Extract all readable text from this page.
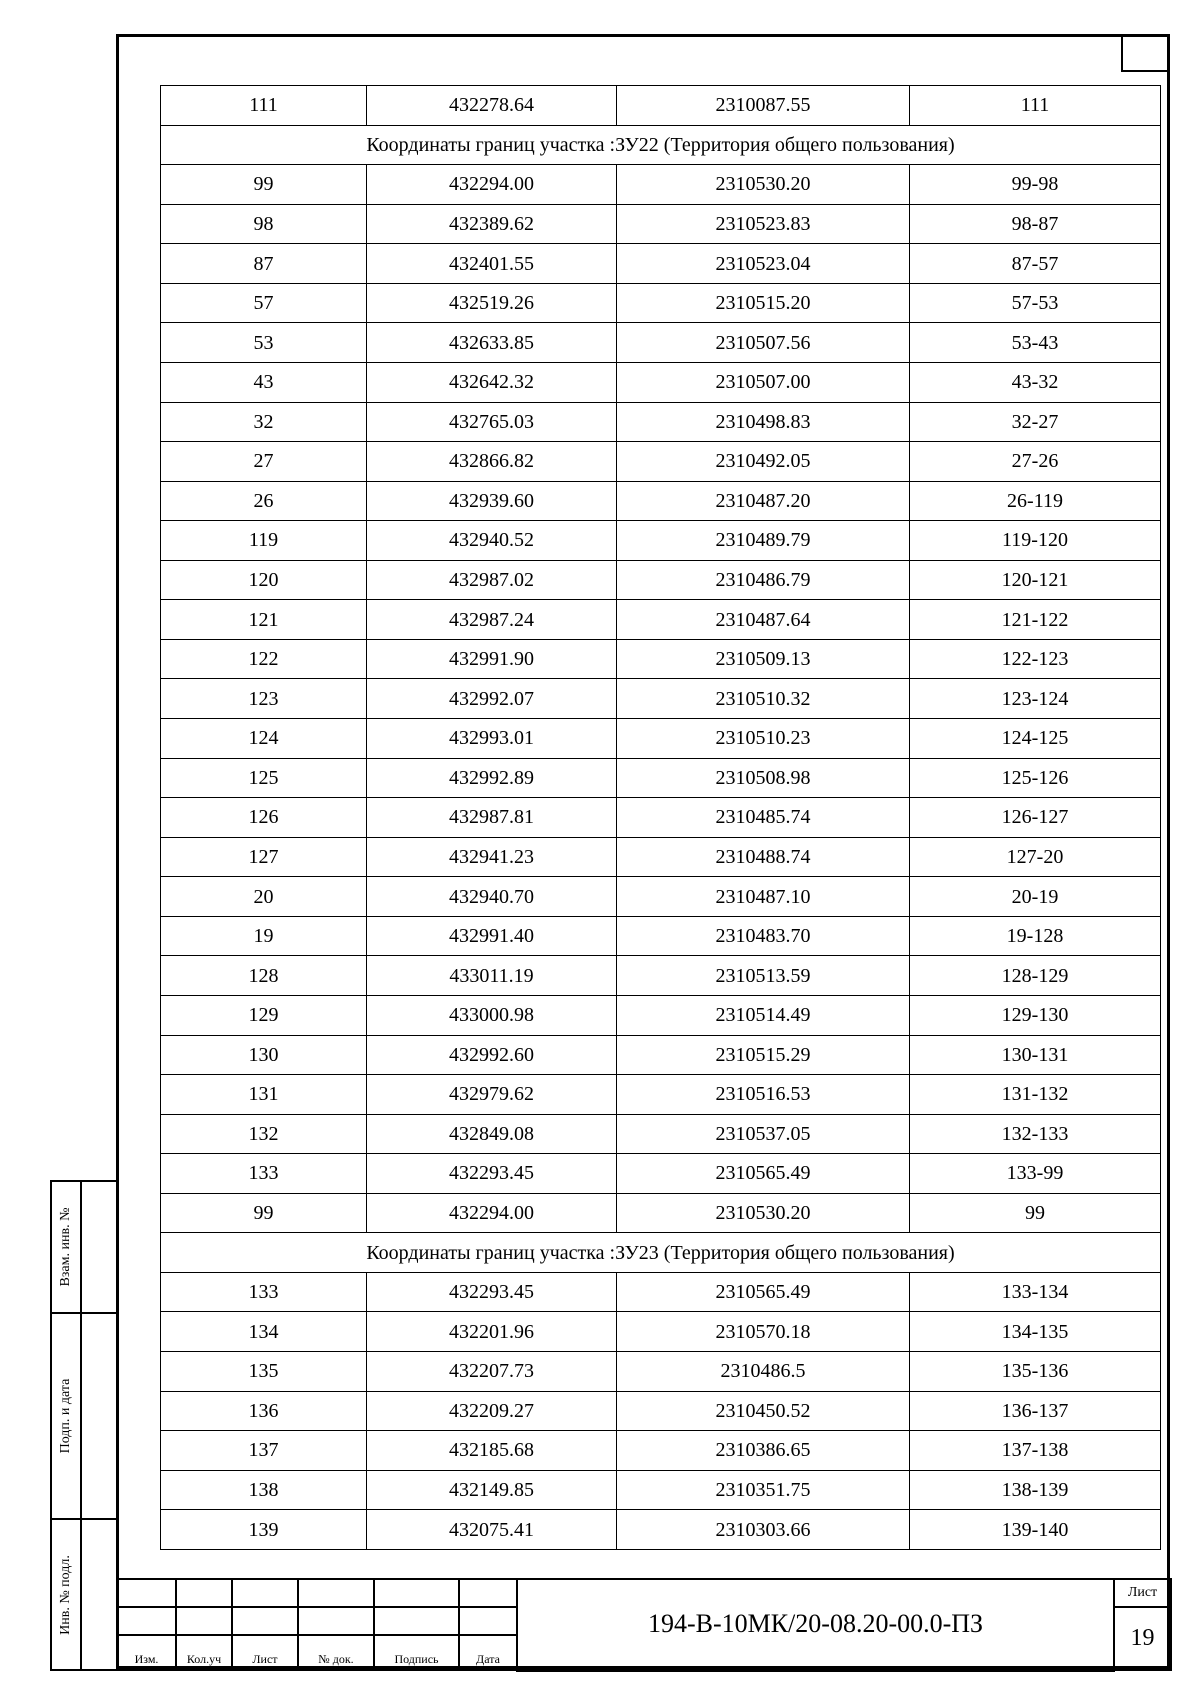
111	432278.64	2310087.55	111
Координаты границ участка :ЗУ22 (Территория общего пользования)			
99	432294.00	2310530.20	99-98
98	432389.62	2310523.83	98-87
87	432401.55	2310523.04	87-57
57	432519.26	2310515.20	57-53
53	432633.85	2310507.56	53-43
43	432642.32	2310507.00	43-32
32	432765.03	2310498.83	32-27
27	432866.82	2310492.05	27-26
26	432939.60	2310487.20	26-119
119	432940.52	2310489.79	119-120
120	432987.02	2310486.79	120-121
121	432987.24	2310487.64	121-122
122	432991.90	2310509.13	122-123
123	432992.07	2310510.32	123-124
124	432993.01	2310510.23	124-125
125	432992.89	2310508.98	125-126
126	432987.81	2310485.74	126-127
127	432941.23	2310488.74	127-20
20	432940.70	2310487.10	20-19
19	432991.40	2310483.70	19-128
128	433011.19	2310513.59	128-129
129	433000.98	2310514.49	129-130
130	432992.60	2310515.29	130-131
131	432979.62	2310516.53	131-132
132	432849.08	2310537.05	132-133
133	432293.45	2310565.49	133-99
99	432294.00	2310530.20	99
Координаты границ участка :ЗУ23 (Территория общего пользования)			
133	432293.45	2310565.49	133-134
134	432201.96	2310570.18	134-135
135	432207.73	2310486.5	135-136
136	432209.27	2310450.52	136-137
137	432185.68	2310386.65	137-138
138	432149.85	2310351.75	138-139
139	432075.41	2310303.66	139-140
Взам. инв. №	

Подп. и дата	

Инв. № подл.	

							194-В-10МК/20-08.20-00.0-ПЗ	Лист
							19
Изм.	Кол.уч	Лист	№ док.	Подпись	Дата		
